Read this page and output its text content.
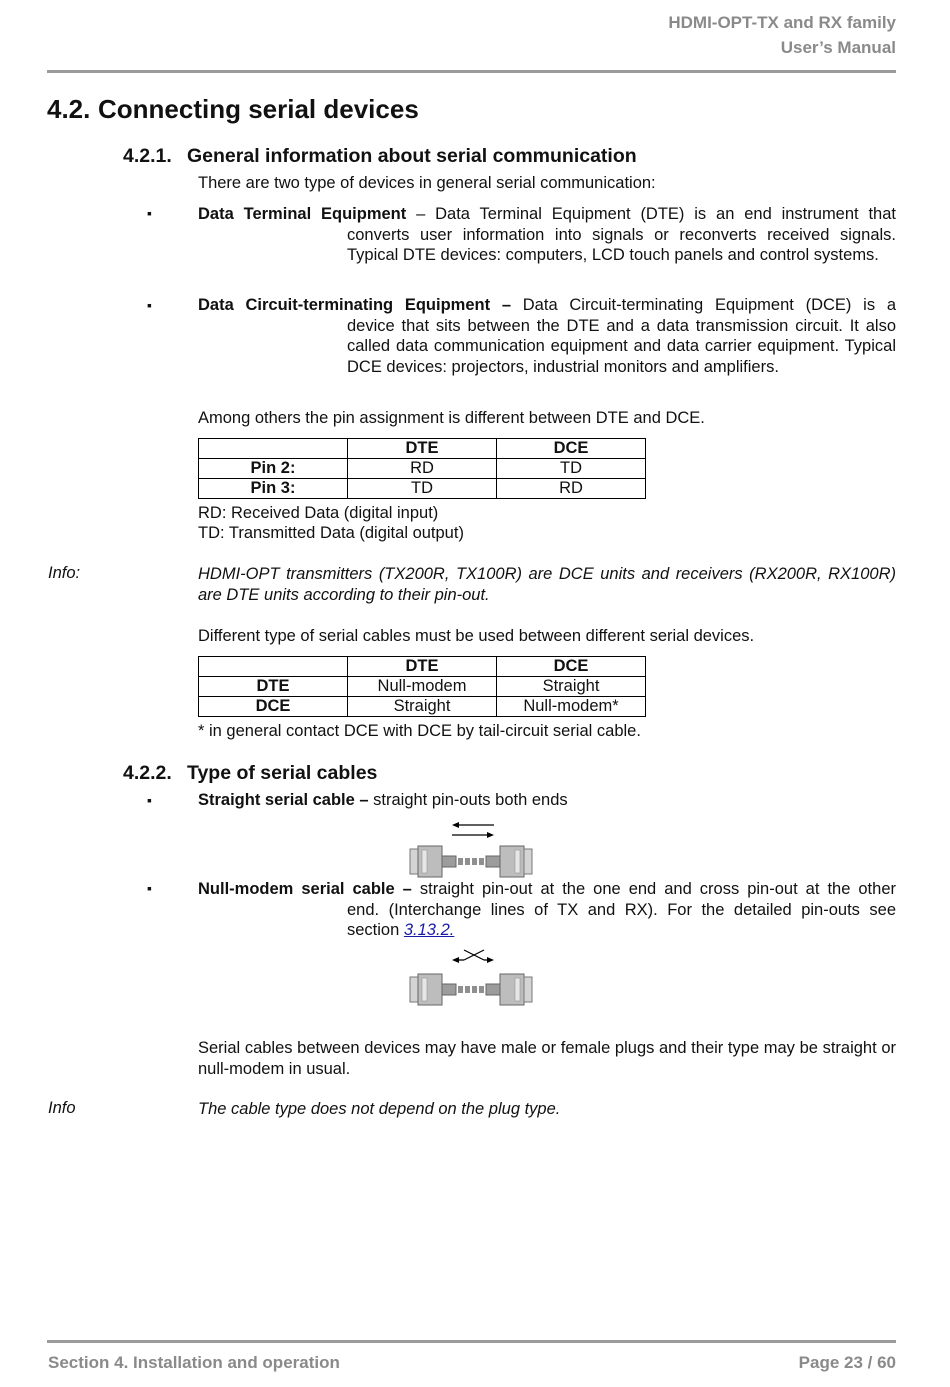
HDMI-OPT-TX and RX family
User’s Manual
4.2. Connecting serial devices
4.2.1. General information about serial communication
There are two type of devices in general serial communication:
▪	Data Terminal Equipment – Data Terminal Equipment (DTE) is an end instrument that
converts user information into signals or reconverts received signals. Typical DTE devices: computers, LCD touch panels and control systems.
▪	Data Circuit-terminating Equipment – Data Circuit-terminating Equipment (DCE) is a
device that sits between the DTE and a data transmission circuit. It also called data communication equipment and data carrier equipment. Typical DCE devices: projectors, industrial monitors and amplifiers.
Among others the pin assignment is different between DTE and DCE.
	DTE	DCE
Pin 2:	RD	TD
Pin 3:	TD	RD
RD: Received Data (digital input)
TD: Transmitted Data (digital output)
Info:	HDMI-OPT transmitters (TX200R, TX100R) are DCE units and receivers (RX200R, RX100R) are DTE units according to their pin-out.
Different type of serial cables must be used between different serial devices.
	DTE	DCE
DTE	Null-modem	Straight
DCE	Straight	Null-modem*
* in general contact DCE with DCE by tail-circuit serial cable.
4.2.2. Type of serial cables
▪	Straight serial cable – straight pin-outs both ends
▪	Null-modem serial cable – straight pin-out at the one end and cross pin-out at the other
end. (Interchange lines of TX and RX). For the detailed pin-outs see section 3.13.2.
Serial cables between devices may have male or female plugs and their type may be straight or null-modem in usual.
Info	The cable type does not depend on the plug type.
Section 4. Installation and operation	Page 23 / 60
